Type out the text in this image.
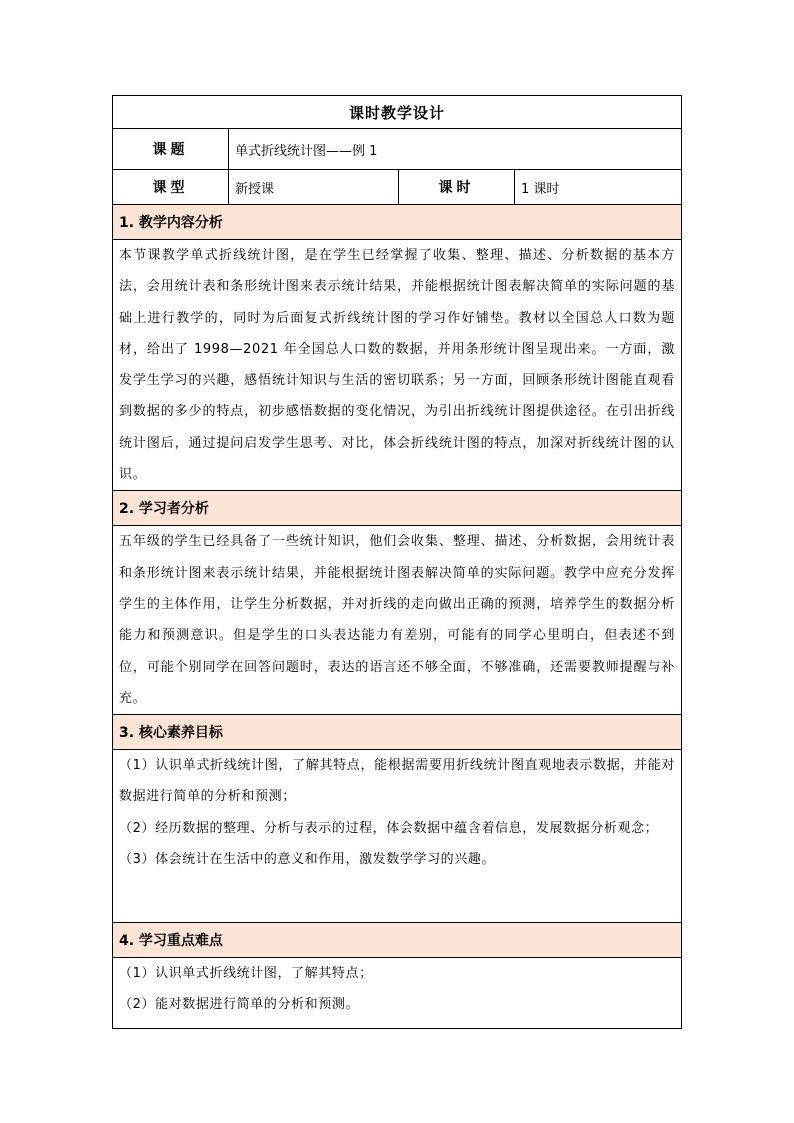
课时教学设计			
课题	单式折线统计图——例 1		
课型	新授课	课时	1 课时
1. 教学内容分析			

本节课教学单式折线统计图，是在学生已经掌握了收集、整理、描述、分析数据的基本方法，会用统计表和条形统计图来表示统计结果，并能根据统计图表解决简单的实际问题的基础上进行教学的，同时为后面复式折线统计图的学习作好铺垫。教材以全国总人口数为题材，给出了 1998—2021 年全国总人口数的数据，并用条形统计图呈现出来。一方面，激发学生学习的兴趣，感悟统计知识与生活的密切联系；另一方面，回顾条形统计图能直观看到数据的多少的特点，初步感悟数据的变化情况，为引出折线统计图提供途径。在引出折线统计图后，通过提问启发学生思考、对比，体会折线统计图的特点，加深对折线统计图的认识。			

2. 学习者分析			

五年级的学生已经具备了一些统计知识，他们会收集、整理、描述、分析数据，会用统计表和条形统计图来表示统计结果，并能根据统计图表解决简单的实际问题。教学中应充分发挥学生的主体作用，让学生分析数据，并对折线的走向做出正确的预测，培养学生的数据分析能力和预测意识。但是学生的口头表达能力有差别，可能有的同学心里明白，但表述不到位，可能个别同学在回答问题时，表达的语言还不够全面，不够准确，还需要教师提醒与补充。			

3. 核心素养目标			

（1）认识单式折线统计图，了解其特点，能根据需要用折线统计图直观地表示数据，并能对数据进行简单的分析和预测；

（2）经历数据的整理、分析与表示的过程，体会数据中蕴含着信息，发展数据分析观念；

（3）体会统计在生活中的意义和作用，激发数学学习的兴趣。			

4. 学习重点难点			

（1）认识单式折线统计图，了解其特点；

（2）能对数据进行简单的分析和预测。			
